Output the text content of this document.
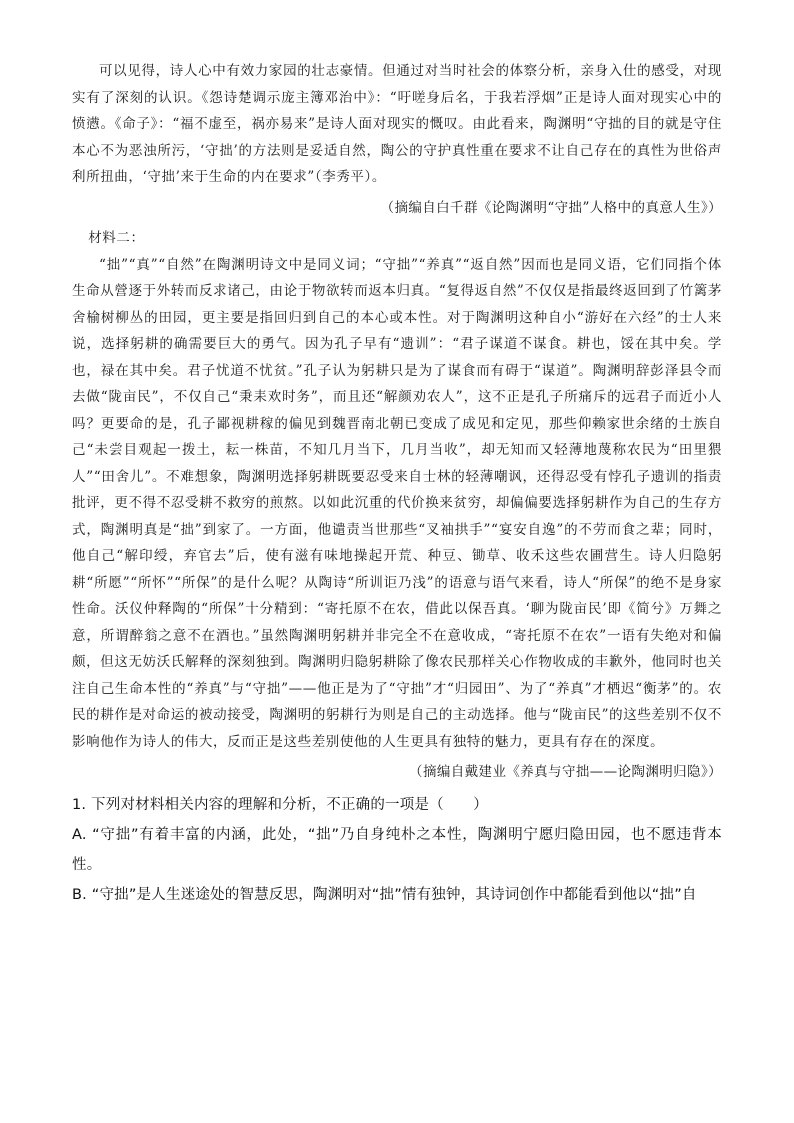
可以见得，诗人心中有效力家园的壮志豪情。但通过对当时社会的体察分析，亲身入仕的感受，对现实有了深刻的认识。《怨诗楚调示庞主簿邓治中》：“吁嗟身后名，于我若浮烟”正是诗人面对现实心中的愤懑。《命子》：“福不虚至，祸亦易来”是诗人面对现实的慨叹。由此看来，陶渊明“守拙的目的就是守住本心不为恶浊所污，‘守拙’的方法则是妥适自然，陶公的守护真性重在要求不让自己存在的真性为世俗声利所扭曲，‘守拙’来于生命的内在要求”（李秀平）。

（摘编自白千群《论陶渊明“守拙”人格中的真意人生》）

材料二：

“拙”“真”“自然”在陶渊明诗文中是同义词；“守拙”“养真”“返自然”因而也是同义语，它们同指个体生命从營逐于外转而反求诸己，由论于物欲转而返本归真。“复得返自然”不仅仅是指最终返回到了竹篱茅舍榆树柳丛的田园，更主要是指回归到自己的本心或本性。对于陶渊明这种自小“游好在六经”的士人来说，选择躬耕的确需要巨大的勇气。因为孔子早有“遗训”：“君子谋道不谋食。耕也，馁在其中矣。学也，禄在其中矣。君子忧道不忧贫。”孔子认为躬耕只是为了谋食而有碍于“谋道”。陶渊明辞彭泽县令而去做“陇亩民”，不仅自己“秉耒欢时务”，而且还“解颜劝农人”，这不正是孔子所痛斥的远君子而近小人吗？更要命的是，孔子鄙视耕稼的偏见到魏晋南北朝已变成了成见和定见，那些仰赖家世余绪的士族自己“未尝目观起一拨土，耘一株苗，不知几月当下，几月当收”，却无知而又轻薄地蔑称农民为“田里猥人”“田舍儿”。不难想象，陶渊明选择躬耕既要忍受来自士林的轻薄嘲讽，还得忍受有悖孔子遗训的指责批评，更不得不忍受耕不救穷的煎熬。以如此沉重的代价换来贫穷，却偏偏要选择躬耕作为自己的生存方式，陶渊明真是“拙”到家了。一方面，他谴责当世那些“叉袖拱手”“宴安自逸”的不劳而食之辈；同时，他自己“解印绶，弃官去”后，使有滋有味地操起开荒、种豆、锄草、收禾这些农圃营生。诗人归隐躬耕“所愿”“所怀”“所保”的是什么呢？从陶诗“所训讵乃浅”的语意与语气来看，诗人“所保”的绝不是身家性命。沃仪仲释陶的“所保”十分精到：“寄托原不在农，借此以保吾真。‘聊为陇亩民’即《简兮》万舞之意，所谓醉翁之意不在酒也。”虽然陶渊明躬耕并非完全不在意收成，“寄托原不在农”一语有失绝对和偏颇，但这无妨沃氏解释的深刻独到。陶渊明归隐躬耕除了像农民那样关心作物收成的丰歉外，他同时也关注自己生命本性的“养真”与“守拙”——他正是为了“守拙”才“归园田”、为了“养真”才栖迟“衡茅”的。农民的耕作是对命运的被动接受，陶渊明的躬耕行为则是自己的主动选择。他与“陇亩民”的这些差别不仅不影响他作为诗人的伟大，反而正是这些差别使他的人生更具有独特的魅力，更具有存在的深度。

（摘编自戴建业《养真与守拙——论陶渊明归隐》）

1. 下列对材料相关内容的理解和分析，不正确的一项是（　　）

A. “守拙”有着丰富的内涵，此处，“拙”乃自身纯朴之本性，陶渊明宁愿归隐田园，也不愿违背本性。

B. “守拙”是人生迷途处的智慧反思，陶渊明对“拙”情有独钟，其诗词创作中都能看到他以“拙”自
